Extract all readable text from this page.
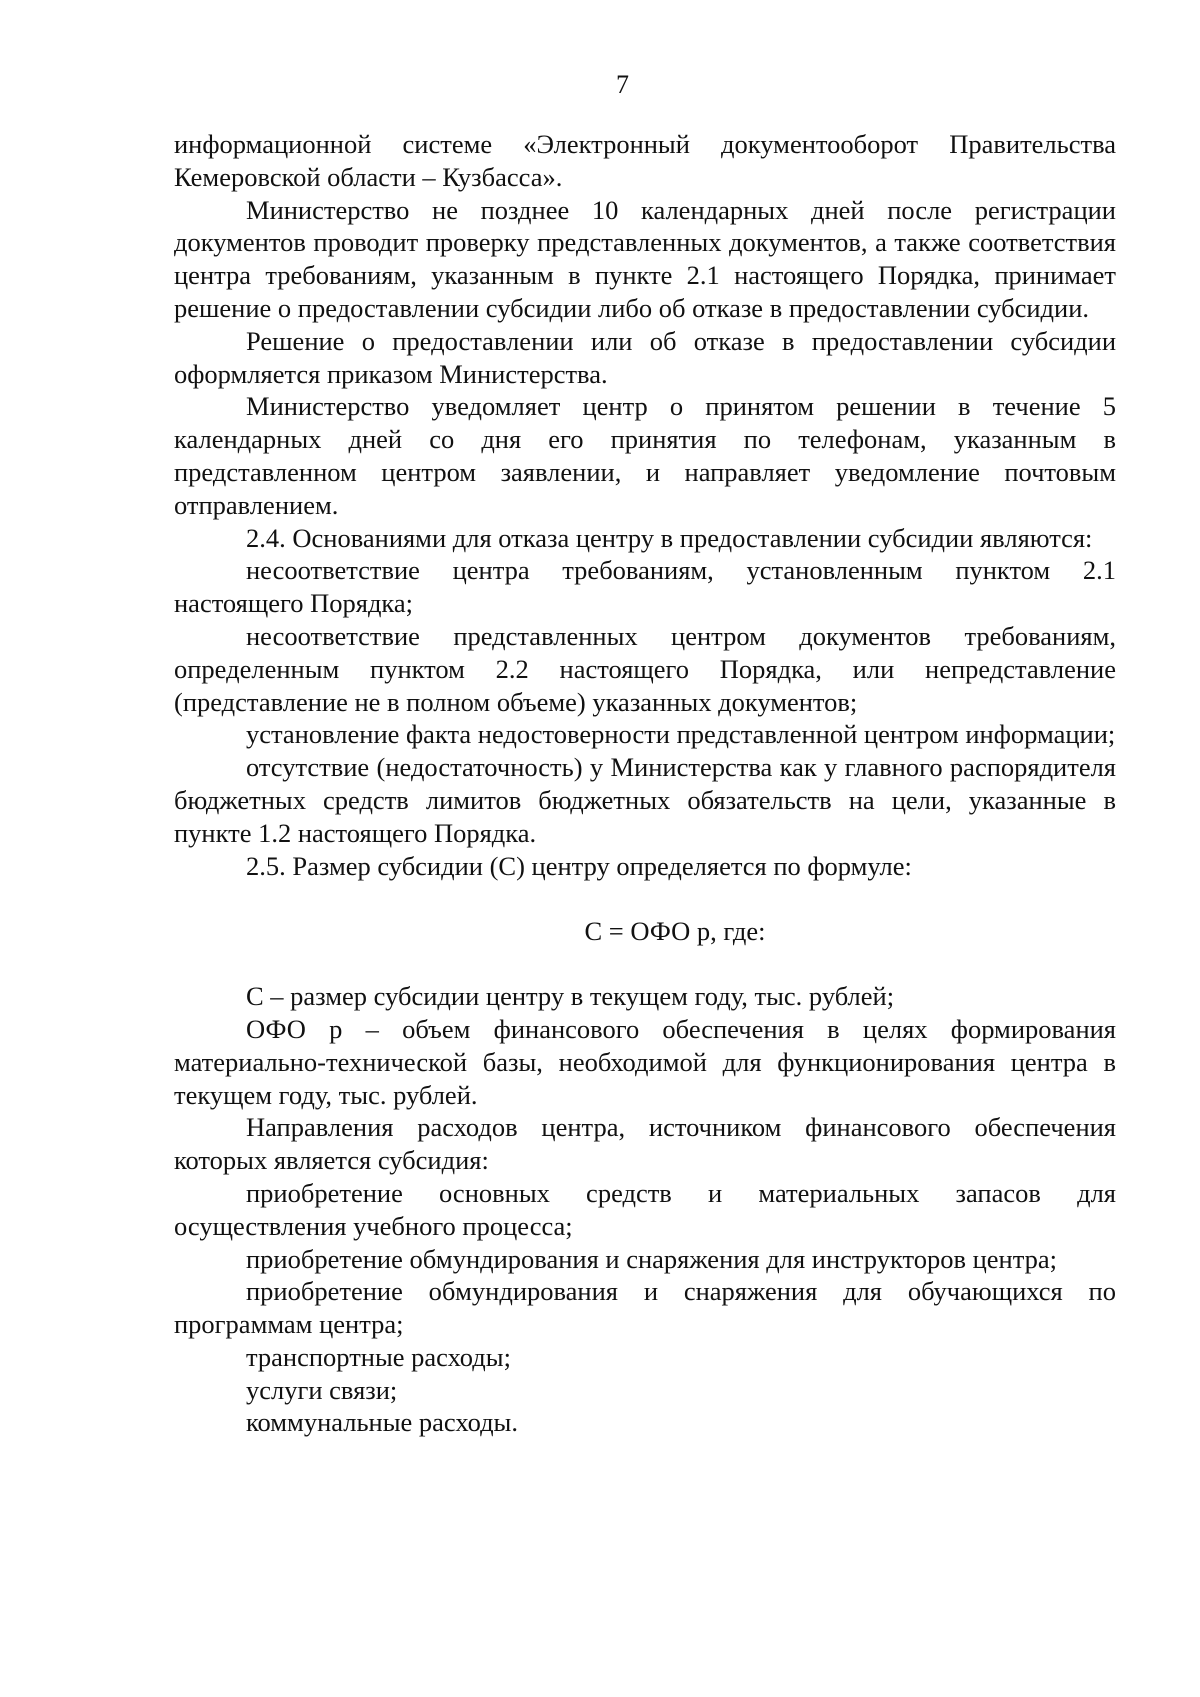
7

информационной системе «Электронный документооборот Правительства Кемеровской области – Кузбасса».

Министерство не позднее 10 календарных дней после регистрации документов проводит проверку представленных документов, а также соответствия центра требованиям, указанным в пункте 2.1 настоящего Порядка, принимает решение о предоставлении субсидии либо об отказе в предоставлении субсидии.

Решение о предоставлении или об отказе в предоставлении субсидии оформляется приказом Министерства.

Министерство уведомляет центр о принятом решении в течение 5 календарных дней со дня его принятия по телефонам, указанным в представленном центром заявлении, и направляет уведомление почтовым отправлением.

2.4. Основаниями для отказа центру в предоставлении субсидии являются:

несоответствие центра требованиям, установленным пунктом 2.1 настоящего Порядка;

несоответствие представленных центром документов требованиям, определенным пунктом 2.2 настоящего Порядка, или непредставление (представление не в полном объеме) указанных документов;

установление факта недостоверности представленной центром информации;

отсутствие (недостаточность) у Министерства как у главного распорядителя бюджетных средств лимитов бюджетных обязательств на цели, указанные в пункте 1.2 настоящего Порядка.

2.5. Размер субсидии (С) центру определяется по формуле:

С = ОФО р, где:

С – размер субсидии центру в текущем году, тыс. рублей;

ОФО р – объем финансового обеспечения в целях формирования материально-технической базы, необходимой для функционирования центра в текущем году, тыс. рублей.

Направления расходов центра, источником финансового обеспечения которых является субсидия:

приобретение основных средств и материальных запасов для осуществления учебного процесса;

приобретение обмундирования и снаряжения для инструкторов центра;

приобретение обмундирования и снаряжения для обучающихся по программам центра;

транспортные расходы;

услуги связи;

коммунальные расходы.
